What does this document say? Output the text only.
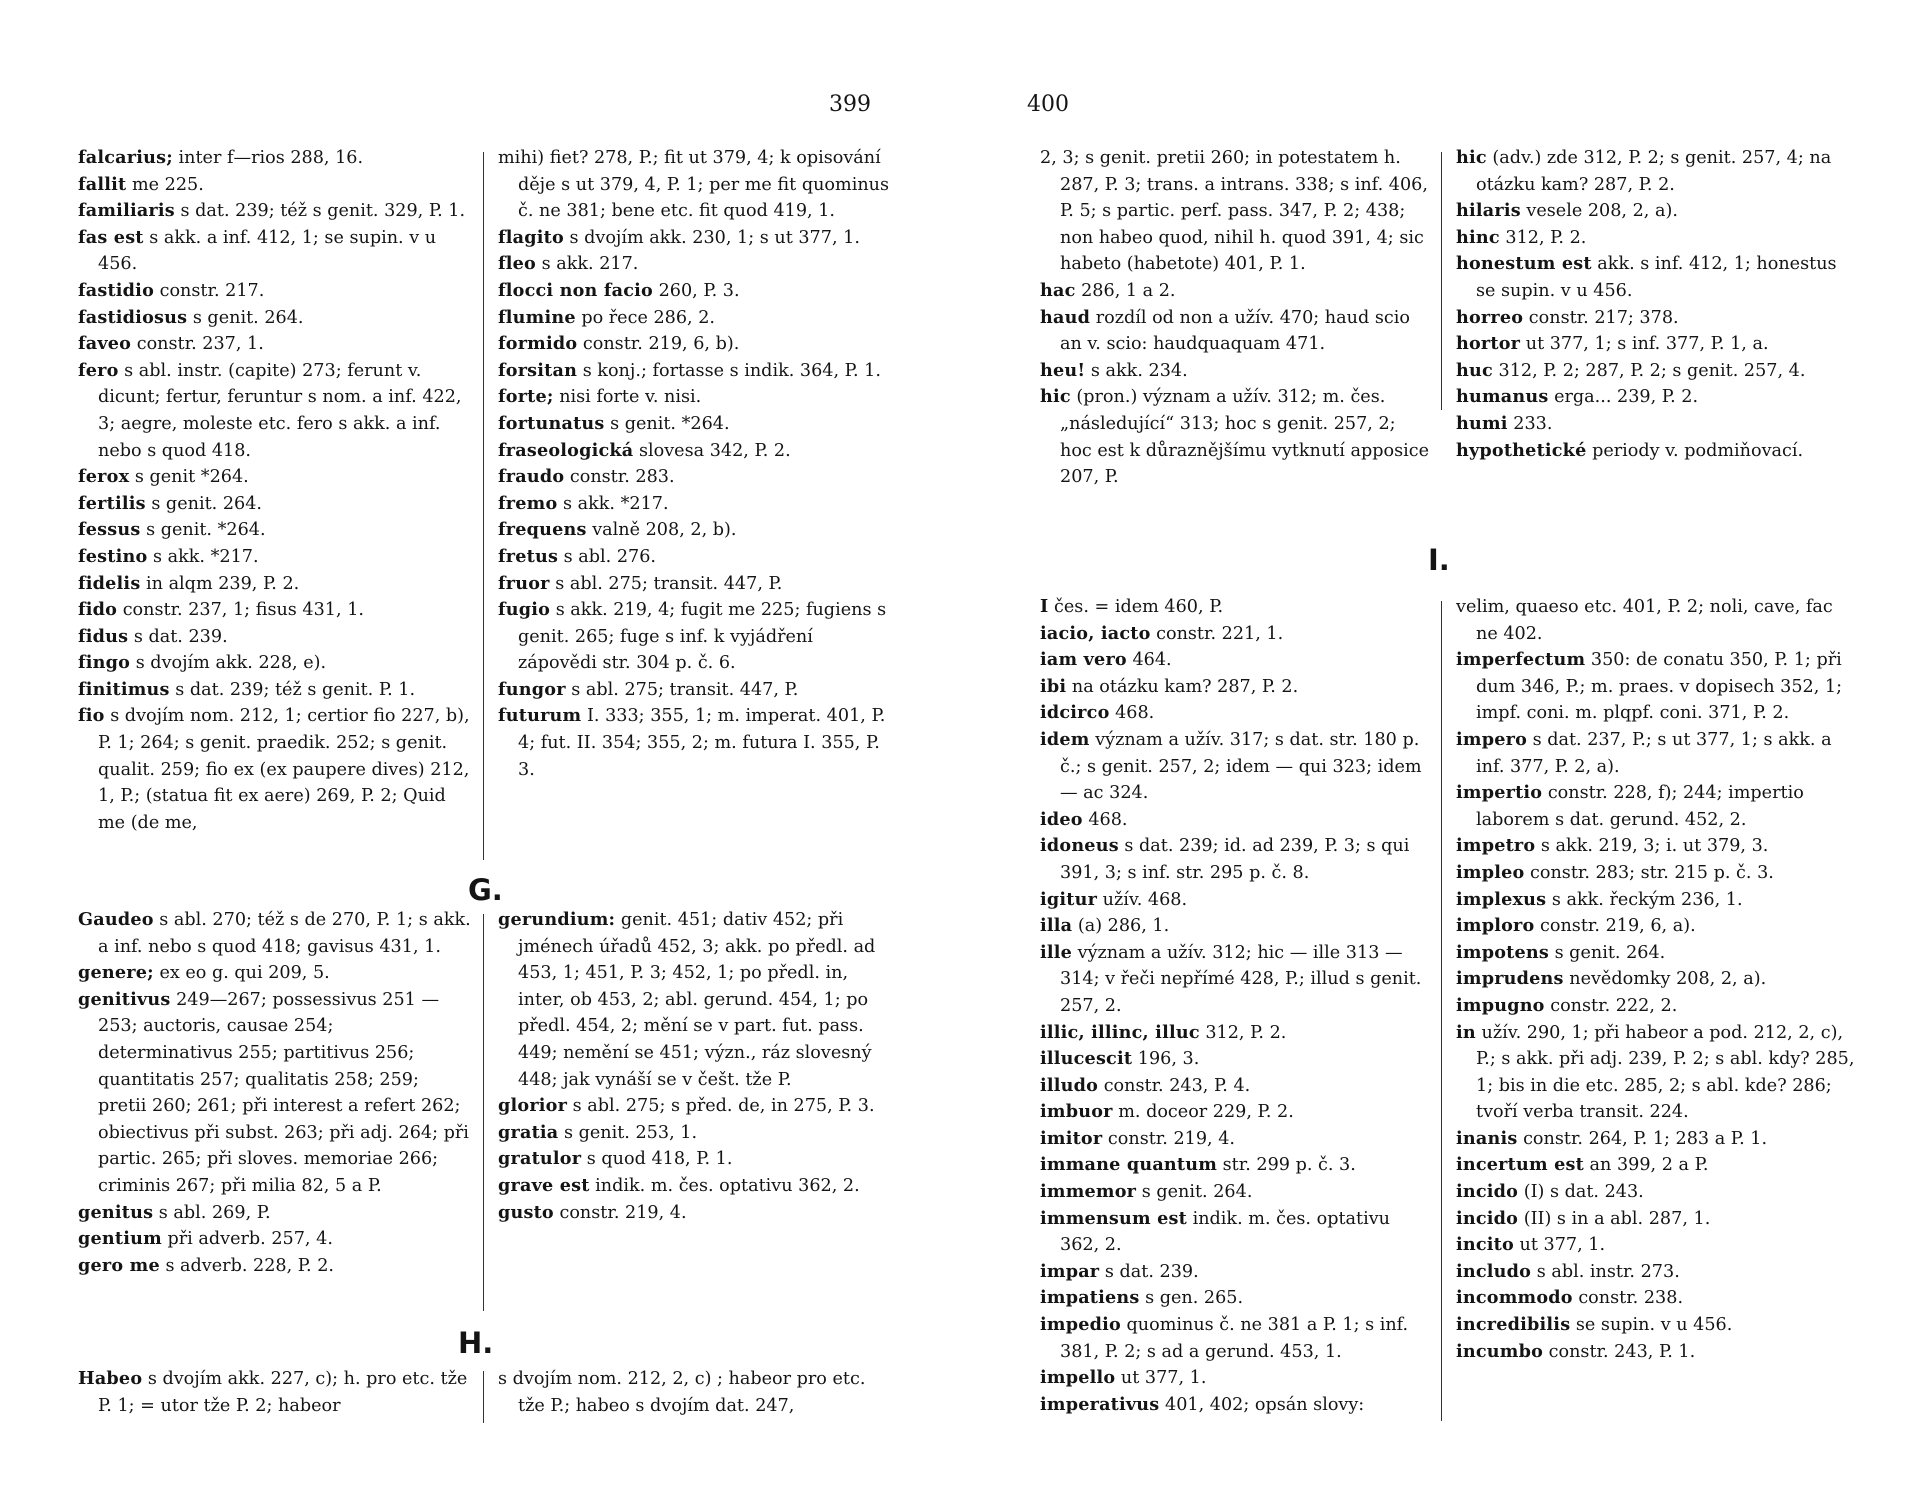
399	400

falcarius; inter f—rios 288, 16.

fallit me 225.

familiaris s dat. 239; též s genit. 329, P. 1.

fas est s akk. a inf. 412, 1; se supin. v u 456.

fastidio constr. 217.

fastidiosus s genit. 264.

faveo constr. 237, 1.

fero s abl. instr. (capite) 273; ferunt v. dicunt; fertur, feruntur s nom. a inf. 422, 3; aegre, moleste etc. fero s akk. a inf. nebo s quod 418.

ferox s genit *264.

fertilis s genit. 264.

fessus s genit. *264.

festino s akk. *217.

fidelis in alqm 239, P. 2.

fido constr. 237, 1; fisus 431, 1.

fidus s dat. 239.

fingo s dvojím akk. 228, e).

finitimus s dat. 239; též s genit. P. 1.

fio s dvojím nom. 212, 1; certior fio 227, b), P. 1; 264; s genit. praedik. 252; s genit. qualit. 259; fio ex (ex paupere dives) 212, 1, P.; (statua fit ex aere) 269, P. 2; Quid me (de me,

mihi) fiet? 278, P.; fit ut 379, 4; k opisování děje s ut 379, 4, P. 1; per me fit quominus č. ne 381; bene etc. fit quod 419, 1.

flagito s dvojím akk. 230, 1; s ut 377, 1.

fleo s akk. 217.

flocci non facio 260, P. 3.

flumine po řece 286, 2.

formido constr. 219, 6, b).

forsitan s konj.; fortasse s indik. 364, P. 1.

forte; nisi forte v. nisi.

fortunatus s genit. *264.

fraseologická slovesa 342, P. 2.

fraudo constr. 283.

fremo s akk. *217.

frequens valně 208, 2, b).

fretus s abl. 276.

fruor s abl. 275; transit. 447, P.

fugio s akk. 219, 4; fugit me 225; fugiens s genit. 265; fuge s inf. k vyjádření zápovědi str. 304 p. č. 6.

fungor s abl. 275; transit. 447, P.

futurum I. 333; 355, 1; m. imperat. 401, P. 4; fut. II. 354; 355, 2; m. futura I. 355, P. 3.

G.

Gaudeo s abl. 270; též s de 270, P. 1; s akk. a inf. nebo s quod 418; gavisus 431, 1.

genere; ex eo g. qui 209, 5.

genitivus 249—267; possessivus 251 — 253; auctoris, causae 254; determinativus 255; partitivus 256; quantitatis 257; qualitatis 258; 259; pretii 260; 261; při interest a refert 262; obiectivus při subst. 263; při adj. 264; při partic. 265; při sloves. memoriae 266; criminis 267; při milia 82, 5 a P.

genitus s abl. 269, P.

gentium při adverb. 257, 4.

gero me s adverb. 228, P. 2.

gerundium: genit. 451; dativ 452; při jménech úřadů 452, 3; akk. po předl. ad 453, 1; 451, P. 3; 452, 1; po předl. in, inter, ob 453, 2; abl. gerund. 454, 1; po předl. 454, 2; mění se v part. fut. pass. 449; nemění se 451; význ., ráz slovesný 448; jak vynáší se v češt. tže P.

glorior s abl. 275; s před. de, in 275, P. 3.

gratia s genit. 253, 1.

gratulor s quod 418, P. 1.

grave est indik. m. čes. optativu 362, 2.

gusto constr. 219, 4.

H.

Habeo s dvojím akk. 227, c); h. pro etc. tže P. 1; = utor tže P. 2; habeor

s dvojím nom. 212, 2, c) ; habeor pro etc. tže P.; habeo s dvojím dat. 247,

2, 3; s genit. pretii 260; in potestatem h. 287, P. 3; trans. a intrans. 338; s inf. 406, P. 5; s partic. perf. pass. 347, P. 2; 438; non habeo quod, nihil h. quod 391, 4; sic habeto (habetote) 401, P. 1.

hac 286, 1 a 2.

haud rozdíl od non a užív. 470; haud scio an v. scio: haudquaquam 471.

heu! s akk. 234.

hic (pron.) význam a užív. 312; m. čes. „následující“ 313; hoc s genit. 257, 2; hoc est k důraznějšímu vytknutí apposice 207, P.

hic (adv.) zde 312, P. 2; s genit. 257, 4; na otázku kam? 287, P. 2.

hilaris vesele 208, 2, a).

hinc 312, P. 2.

honestum est akk. s inf. 412, 1; honestus se supin. v u 456.

horreo constr. 217; 378.

hortor ut 377, 1; s inf. 377, P. 1, a.

huc 312, P. 2; 287, P. 2; s genit. 257, 4.

humanus erga... 239, P. 2.

humi 233.

hypothetické periody v. podmiňovací.

I.

I čes. = idem 460, P.

iacio, iacto constr. 221, 1.

iam vero 464.

ibi na otázku kam? 287, P. 2.

idcirco 468.

idem význam a užív. 317; s dat. str. 180 p. č.; s genit. 257, 2; idem — qui 323; idem — ac 324.

ideo 468.

idoneus s dat. 239; id. ad 239, P. 3; s qui 391, 3; s inf. str. 295 p. č. 8.

igitur užív. 468.

illa (a) 286, 1.

ille význam a užív. 312; hic — ille 313 — 314; v řeči nepřímé 428, P.; illud s genit. 257, 2.

illic, illinc, illuc 312, P. 2.

illucescit 196, 3.

illudo constr. 243, P. 4.

imbuor m. doceor 229, P. 2.

imitor constr. 219, 4.

immane quantum str. 299 p. č. 3.

immemor s genit. 264.

immensum est indik. m. čes. optativu 362, 2.

impar s dat. 239.

impatiens s gen. 265.

impedio quominus č. ne 381 a P. 1; s inf. 381, P. 2; s ad a gerund. 453, 1.

impello ut 377, 1.

imperativus 401, 402; opsán slovy:

velim, quaeso etc. 401, P. 2; noli, cave, fac ne 402.

imperfectum 350: de conatu 350, P. 1; při dum 346, P.; m. praes. v dopisech 352, 1; impf. coni. m. plqpf. coni. 371, P. 2.

impero s dat. 237, P.; s ut 377, 1; s akk. a inf. 377, P. 2, a).

impertio constr. 228, f); 244; impertio laborem s dat. gerund. 452, 2.

impetro s akk. 219, 3; i. ut 379, 3.

impleo constr. 283; str. 215 p. č. 3.

implexus s akk. řeckým 236, 1.

imploro constr. 219, 6, a).

impotens s genit. 264.

imprudens nevědomky 208, 2, a).

impugno constr. 222, 2.

in užív. 290, 1; při habeor a pod. 212, 2, c), P.; s akk. při adj. 239, P. 2; s abl. kdy? 285, 1; bis in die etc. 285, 2; s abl. kde? 286; tvoří verba transit. 224.

inanis constr. 264, P. 1; 283 a P. 1.

incertum est an 399, 2 a P.

incido (I) s dat. 243.

incido (II) s in a abl. 287, 1.

incito ut 377, 1.

includo s abl. instr. 273.

incommodo constr. 238.

incredibilis se supin. v u 456.

incumbo constr. 243, P. 1.
